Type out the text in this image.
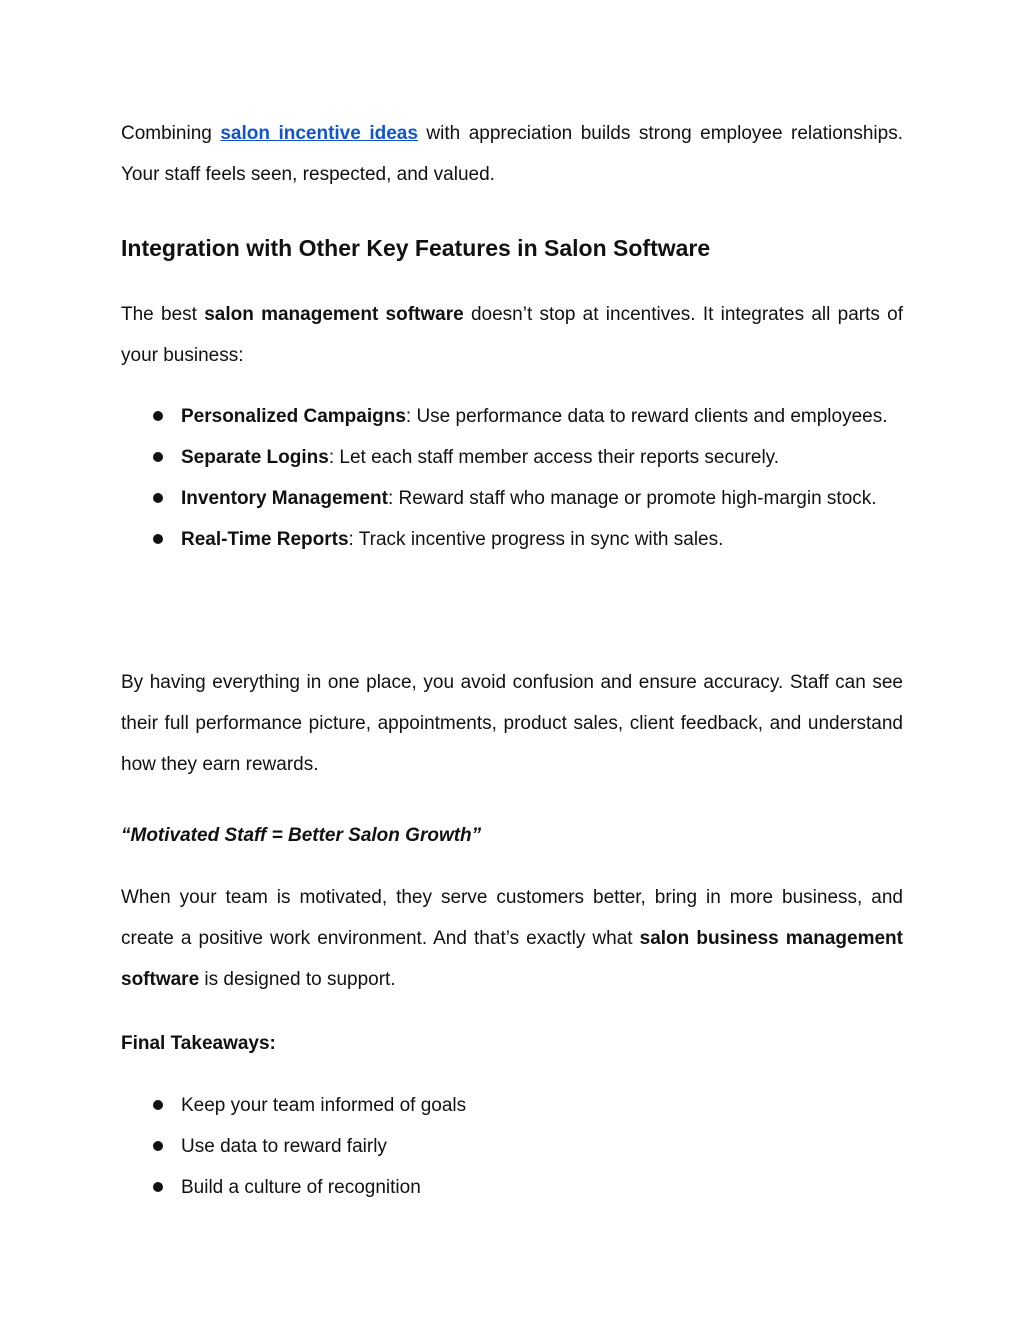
Combining salon incentive ideas with appreciation builds strong employee relationships. Your staff feels seen, respected, and valued.

Integration with Other Key Features in Salon Software

The best salon management software doesn’t stop at incentives. It integrates all parts of your business:

Personalized Campaigns: Use performance data to reward clients and employees.
Separate Logins: Let each staff member access their reports securely.
Inventory Management: Reward staff who manage or promote high-margin stock.
Real-Time Reports: Track incentive progress in sync with sales.

By having everything in one place, you avoid confusion and ensure accuracy. Staff can see their full performance picture, appointments, product sales, client feedback, and understand how they earn rewards.

“Motivated Staff = Better Salon Growth”

When your team is motivated, they serve customers better, bring in more business, and create a positive work environment. And that’s exactly what salon business management software is designed to support.

Final Takeaways:

Keep your team informed of goals
Use data to reward fairly
Build a culture of recognition
